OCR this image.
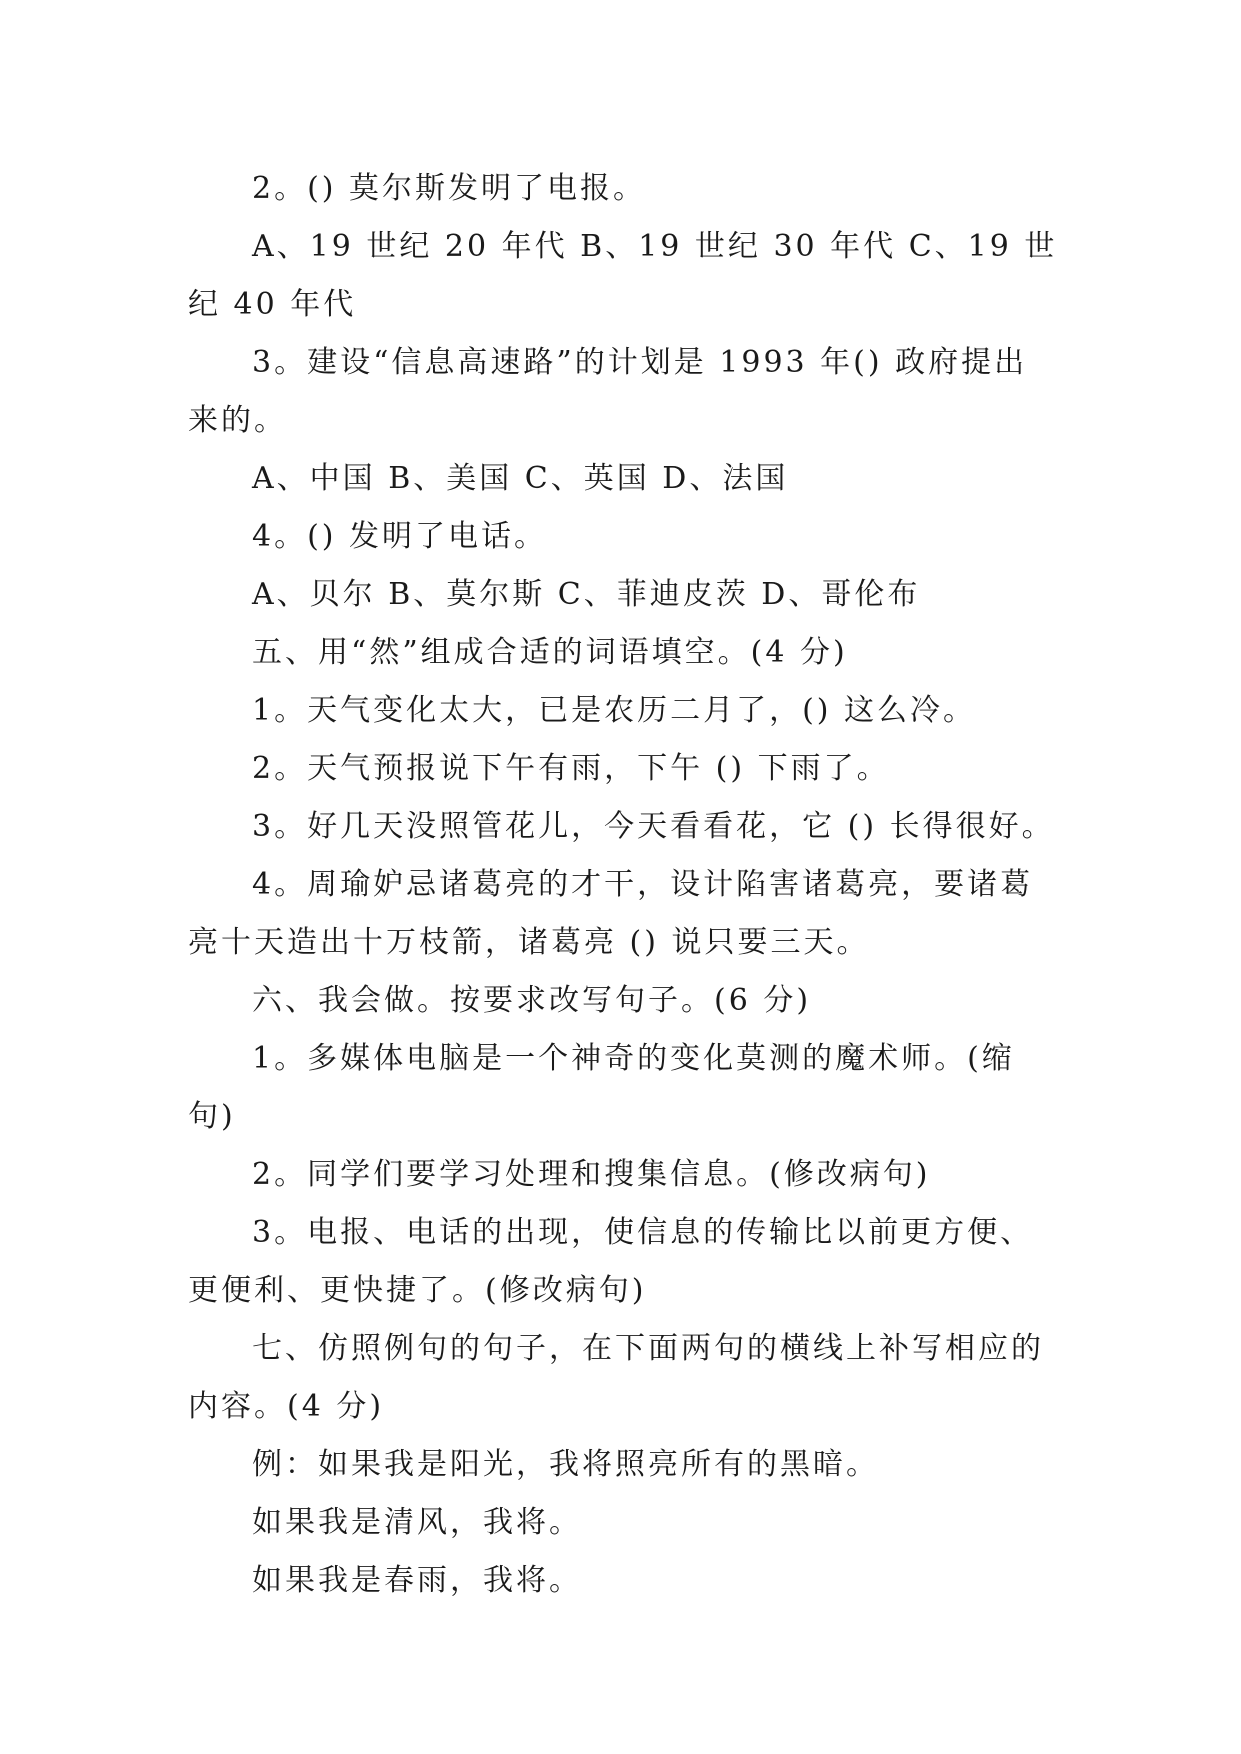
2。() 莫尔斯发明了电报。

A、19 世纪 20 年代 B、19 世纪 30 年代 C、19 世纪 40 年代

3。建设“信息高速路”的计划是 1993 年() 政府提出来的。

A、中国 B、美国 C、英国 D、法国

4。() 发明了电话。

A、贝尔 B、莫尔斯 C、菲迪皮茨 D、哥伦布

五、用“然”组成合适的词语填空。(4 分)

1。天气变化太大，已是农历二月了，() 这么冷。

2。天气预报说下午有雨，下午 () 下雨了。

3。好几天没照管花儿，今天看看花，它 () 长得很好。

4。周瑜妒忌诸葛亮的才干，设计陷害诸葛亮，要诸葛亮十天造出十万枝箭，诸葛亮 () 说只要三天。

六、我会做。按要求改写句子。(6 分)

1。多媒体电脑是一个神奇的变化莫测的魔术师。(缩句)

2。同学们要学习处理和搜集信息。(修改病句)

3。电报、电话的出现，使信息的传输比以前更方便、更便利、更快捷了。(修改病句)

七、仿照例句的句子，在下面两句的横线上补写相应的内容。(4 分)

例：如果我是阳光，我将照亮所有的黑暗。

如果我是清风，我将。

如果我是春雨，我将。
